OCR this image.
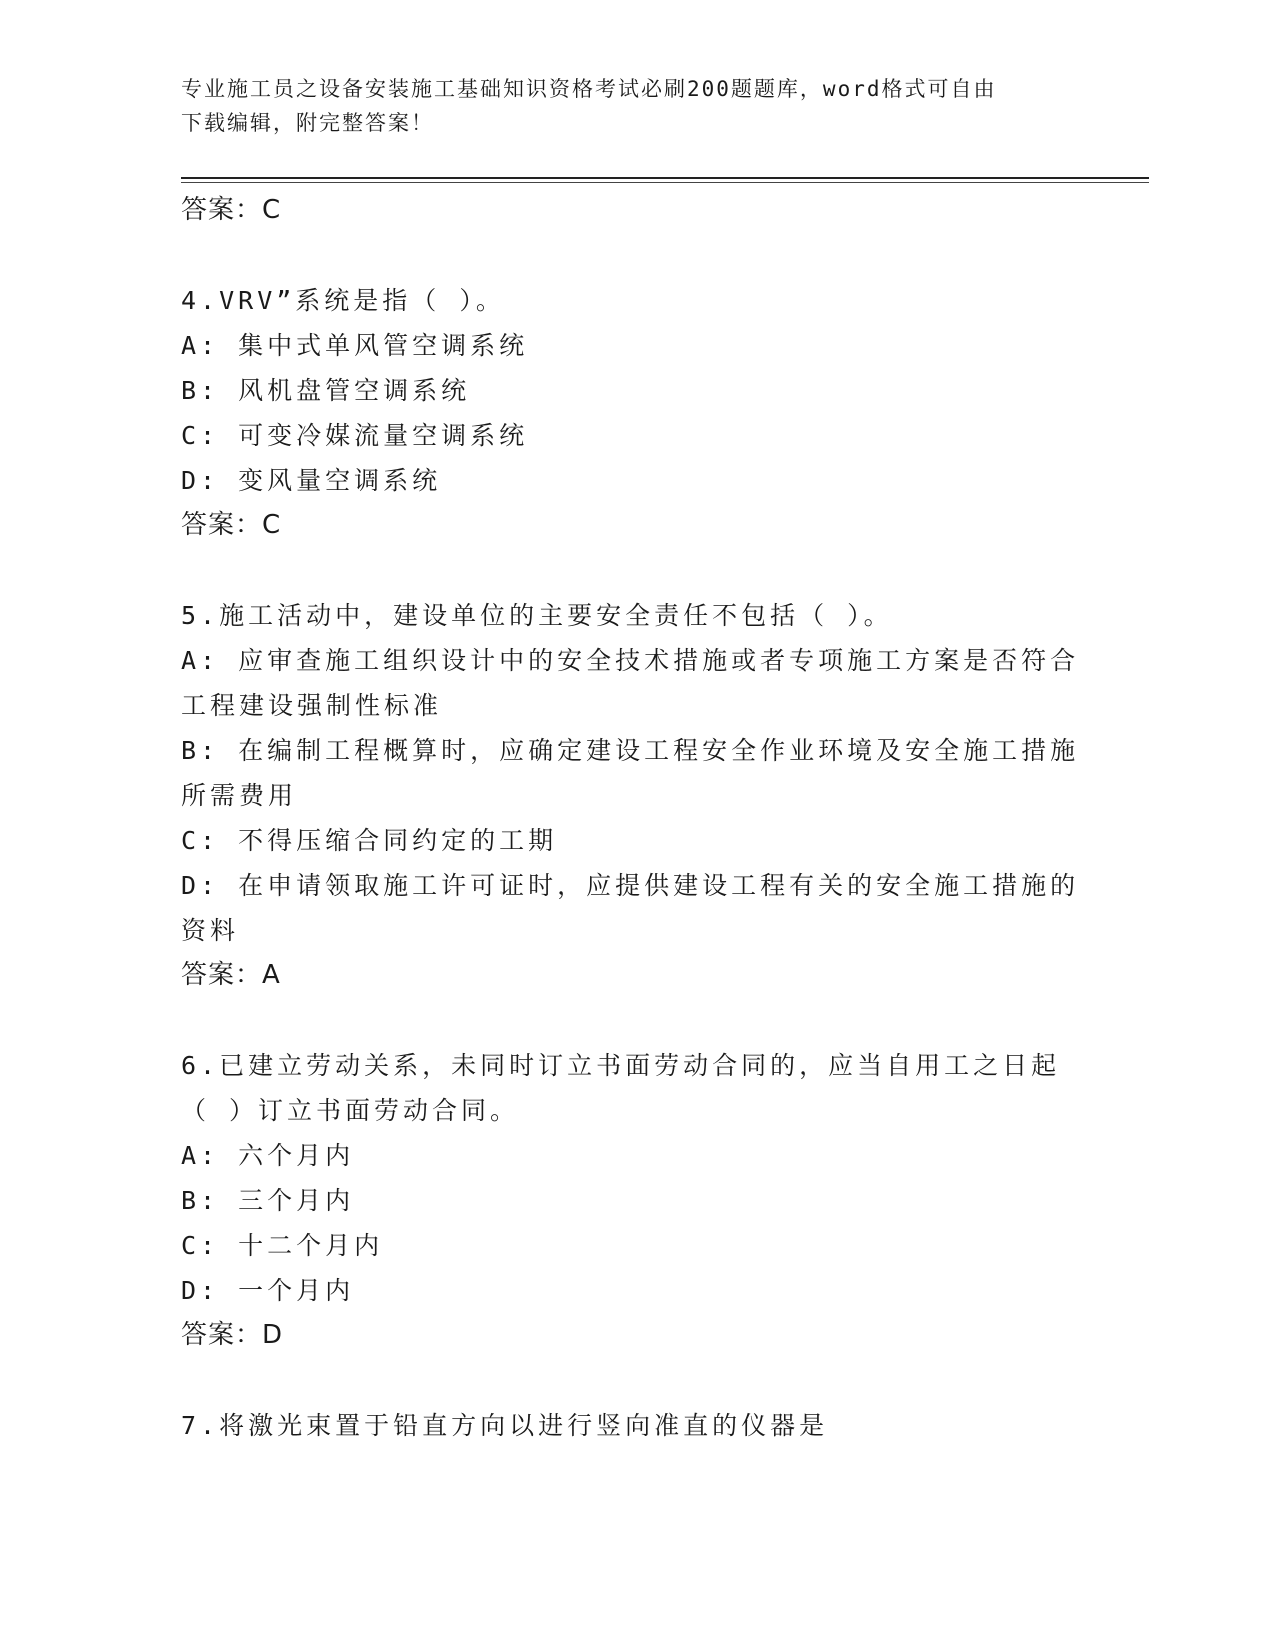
专业施工员之设备安装施工基础知识资格考试必刷200题题库，word格式可自由
下载编辑，附完整答案！
答案：C
4.VRV”系统是指（ ）。
A: 集中式单风管空调系统
B: 风机盘管空调系统
C: 可变冷媒流量空调系统
D: 变风量空调系统
答案：C
5.施工活动中，建设单位的主要安全责任不包括（ ）。
A: 应审查施工组织设计中的安全技术措施或者专项施工方案是否符合
工程建设强制性标准
B: 在编制工程概算时，应确定建设工程安全作业环境及安全施工措施
所需费用
C: 不得压缩合同约定的工期
D: 在申请领取施工许可证时，应提供建设工程有关的安全施工措施的
资料
答案：A
6.已建立劳动关系，未同时订立书面劳动合同的，应当自用工之日起
（ ）订立书面劳动合同。
A: 六个月内
B: 三个月内
C: 十二个月内
D: 一个月内
答案：D
7.将激光束置于铅直方向以进行竖向准直的仪器是
